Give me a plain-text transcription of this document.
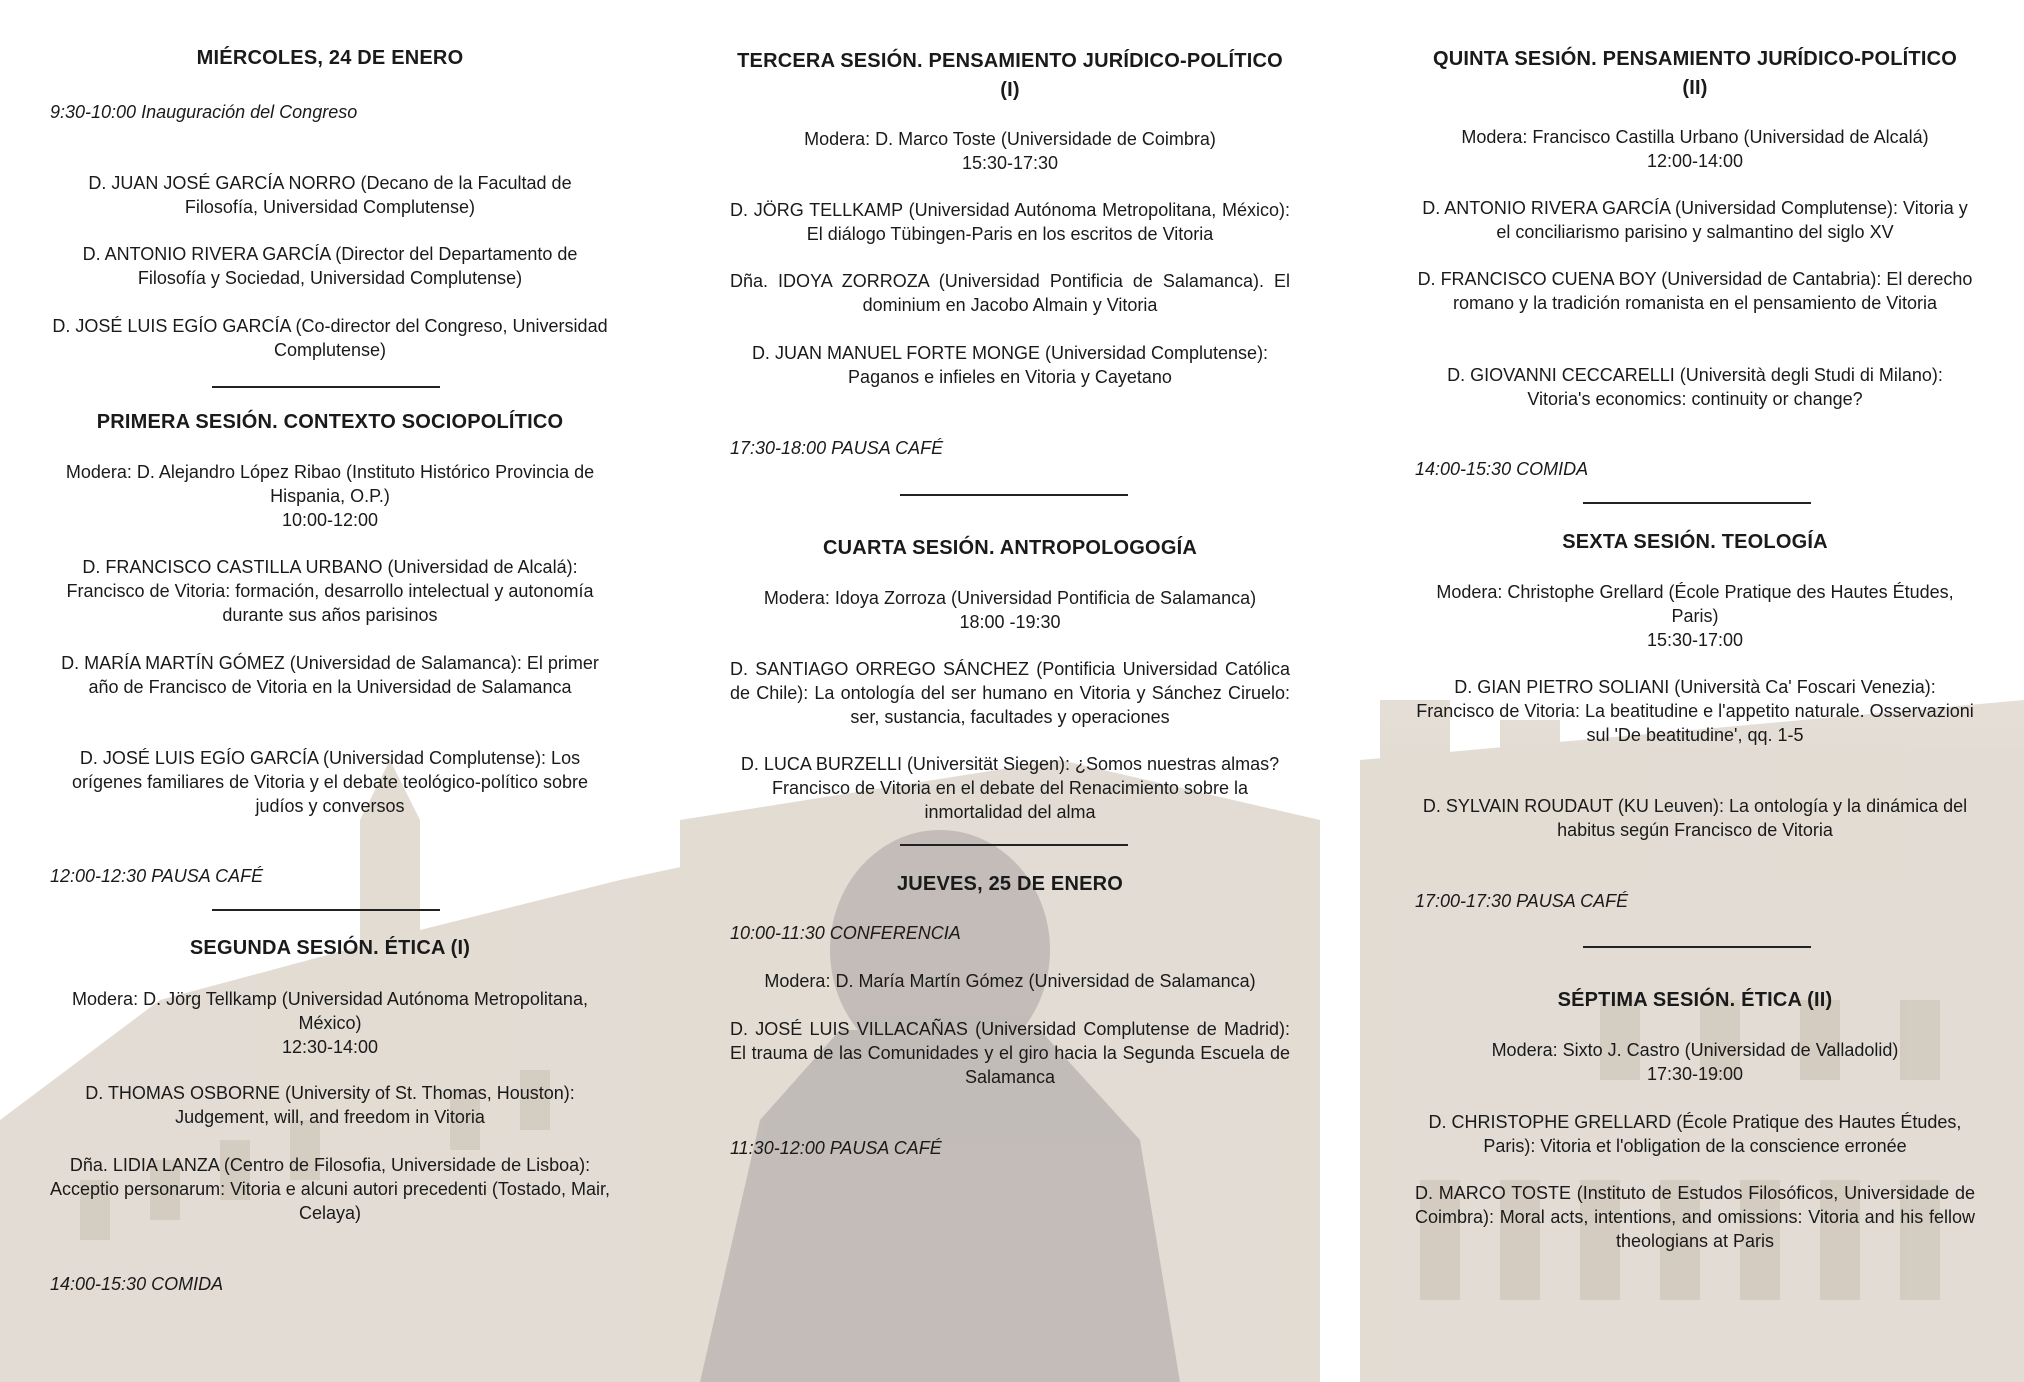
MIÉRCOLES, 24 DE ENERO
9:30-10:00 Inauguración del Congreso
D. JUAN JOSÉ GARCÍA NORRO (Decano de la Facultad de Filosofía, Universidad Complutense)
D. ANTONIO RIVERA GARCÍA (Director del Departamento de Filosofía y Sociedad, Universidad Complutense)
D. JOSÉ LUIS EGÍO GARCÍA (Co-director del Congreso, Universidad Complutense)
PRIMERA SESIÓN. CONTEXTO SOCIOPOLÍTICO
Modera: D. Alejandro López Ribao (Instituto Histórico Provincia de Hispania, O.P.)
10:00-12:00
D. FRANCISCO CASTILLA URBANO (Universidad de Alcalá): Francisco de Vitoria: formación, desarrollo intelectual y autonomía durante sus años parisinos
D. MARÍA MARTÍN GÓMEZ (Universidad de Salamanca): El primer año de Francisco de Vitoria en la Universidad de Salamanca
D. JOSÉ LUIS EGÍO GARCÍA (Universidad Complutense): Los orígenes familiares de Vitoria y el debate teológico-político sobre judíos y conversos
12:00-12:30 PAUSA CAFÉ
SEGUNDA SESIÓN. ÉTICA (I)
Modera: D. Jörg Tellkamp (Universidad Autónoma Metropolitana, México)
12:30-14:00
D. THOMAS OSBORNE (University of St. Thomas, Houston): Judgement, will, and freedom in Vitoria
Dña. LIDIA LANZA (Centro de Filosofia, Universidade de Lisboa): Acceptio personarum: Vitoria e alcuni autori precedenti (Tostado, Mair, Celaya)
14:00-15:30 COMIDA
TERCERA SESIÓN. PENSAMIENTO JURÍDICO-POLÍTICO
(I)
Modera: D. Marco Toste (Universidade de Coimbra)
15:30-17:30
D. JÖRG TELLKAMP (Universidad Autónoma Metropolitana, México): El diálogo Tübingen-Paris en los escritos de Vitoria
Dña. IDOYA ZORROZA (Universidad Pontificia de Salamanca). El dominium en Jacobo Almain y Vitoria
D. JUAN MANUEL FORTE MONGE (Universidad Complutense): Paganos e infieles en Vitoria y Cayetano
17:30-18:00 PAUSA CAFÉ
CUARTA SESIÓN. ANTROPOLOGOGÍA
Modera: Idoya Zorroza (Universidad Pontificia de Salamanca)
18:00 -19:30
D. SANTIAGO ORREGO SÁNCHEZ (Pontificia Universidad Católica de Chile): La ontología del ser humano en Vitoria y Sánchez Ciruelo: ser, sustancia, facultades y operaciones
D. LUCA BURZELLI (Universität Siegen): ¿Somos nuestras almas? Francisco de Vitoria en el debate del Renacimiento sobre la inmortalidad del alma
JUEVES, 25 DE ENERO
10:00-11:30 CONFERENCIA
Modera: D. María Martín Gómez (Universidad de Salamanca)
D. JOSÉ LUIS VILLACAÑAS (Universidad Complutense de Madrid): El trauma de las Comunidades y el giro hacia la Segunda Escuela de Salamanca
11:30-12:00 PAUSA CAFÉ
QUINTA SESIÓN. PENSAMIENTO JURÍDICO-POLÍTICO
(II)
Modera: Francisco Castilla Urbano (Universidad de Alcalá)
12:00-14:00
D. ANTONIO RIVERA GARCÍA (Universidad Complutense): Vitoria y el conciliarismo parisino y salmantino del siglo XV
D. FRANCISCO CUENA BOY (Universidad de Cantabria): El derecho romano y la tradición romanista en el pensamiento de Vitoria
D. GIOVANNI CECCARELLI (Università degli Studi di Milano): Vitoria's economics: continuity or change?
14:00-15:30 COMIDA
SEXTA SESIÓN. TEOLOGÍA
Modera: Christophe Grellard (École Pratique des Hautes Études, Paris)
15:30-17:00
D. GIAN PIETRO SOLIANI (Università Ca' Foscari Venezia): Francisco de Vitoria: La beatitudine e l'appetito naturale. Osservazioni sul 'De beatitudine', qq. 1-5
D. SYLVAIN ROUDAUT (KU Leuven): La ontología y la dinámica del habitus según Francisco de Vitoria
17:00-17:30 PAUSA CAFÉ
SÉPTIMA SESIÓN. ÉTICA (II)
Modera: Sixto J. Castro (Universidad de Valladolid)
17:30-19:00
D. CHRISTOPHE GRELLARD (École Pratique des Hautes Études, Paris): Vitoria et l'obligation de la conscience erronée
D. MARCO TOSTE (Instituto de Estudos Filosóficos, Universidade de Coimbra): Moral acts, intentions, and omissions: Vitoria and his fellow theologians at Paris
